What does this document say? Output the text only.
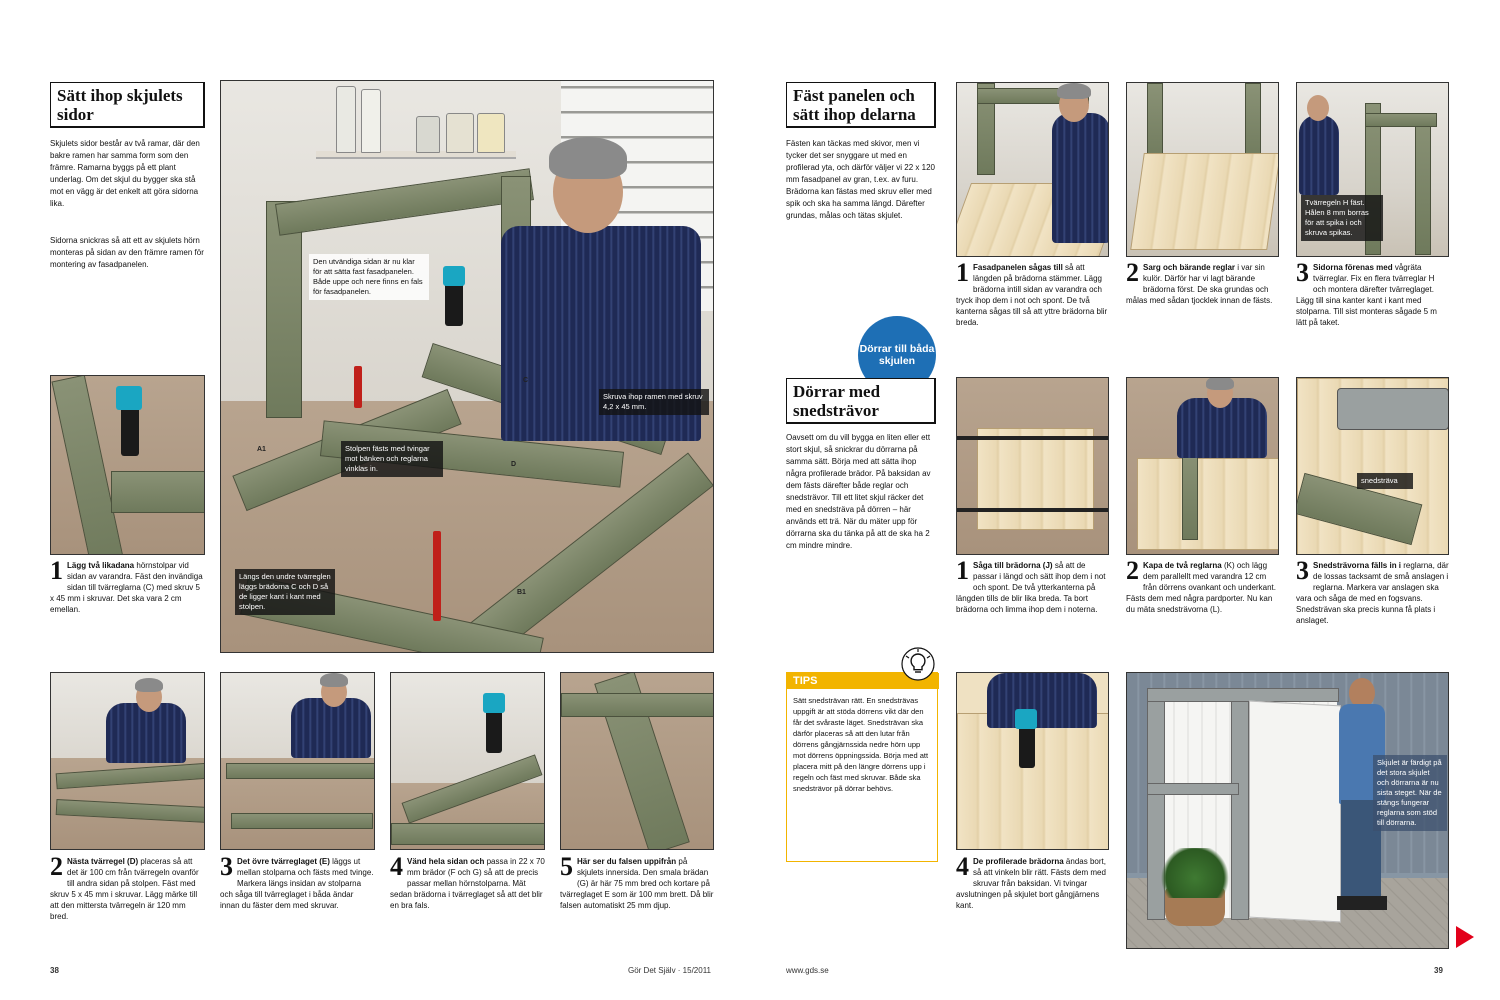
Sätt ihop skjulets sidor
Skjulets sidor består av två ramar, där den bakre ramen har samma form som den främre. Ramarna byggs på ett plant underlag. Om det skjul du bygger ska stå mot en vägg är det enkelt att göra sidorna lika.
Sidorna snickras så att ett av skjulets hörn monteras på sidan av den främre ramen för montering av fasadpanelen.
C
A1
D
B1
Den utvändiga sidan är nu klar för att sätta fast fasadpanelen. Både uppe och nere finns en fals för fasadpanelen.
Skruva ihop ramen med skruv 4,2 x 45 mm.
Stolpen fästs med tvingar mot bänken och reglarna vinklas in.
Längs den undre tvärreglen läggs brädorna C och D så de ligger kant i kant med stolpen.
1 Lägg två likadana hörnstolpar vid sidan av varandra. Fäst den invändiga sidan till tvärreglarna (C) med skruv 5 x 45 mm i skruvar. Det ska vara 2 cm emellan.
2 Nästa tvärregel (D) placeras så att det är 100 cm från tvärregeln ovanför till andra sidan på stolpen. Fäst med skruv 5 x 45 mm i skruvar. Lägg märke till att den mittersta tvärregeln är 120 mm bred.
3 Det övre tvärreglaget (E) läggs ut mellan stolparna och fästs med tvinge. Markera längs insidan av stolparna och såga till tvärreglaget i båda ändar innan du fäster dem med skruvar.
4 Vänd hela sidan och passa in 22 x 70 mm brädor (F och G) så att de precis passar mellan hörnstolparna. Mät sedan brädorna i tvärreglaget så att det blir en bra fals.
5 Här ser du falsen uppifrån på skjulets innersida. Den smala brädan (G) är här 75 mm bred och kortare på tvärreglaget E som är 100 mm brett. Då blir falsen automatiskt 25 mm djup.
38	Gör Det Själv · 15/2011
Fäst panelen och sätt ihop delarna
Fästen kan täckas med skivor, men vi tycker det ser snyggare ut med en profilerad yta, och därför väljer vi 22 x 120 mm fasadpanel av gran, t.ex. av furu. Brädorna kan fästas med skruv eller med spik och ska ha samma längd. Därefter grundas, målas och tätas skjulet.
Tvärregeln H fäst. Hålen 8 mm borras för att spika i och skruva spikas.
1 Fasadpanelen sågas till så att längden på brädorna stämmer. Lägg brädorna intill sidan av varandra och tryck ihop dem i not och spont. De två kanterna sågas till så att yttre brädorna blir breda.
2 Sarg och bärande reglar i var sin kulör. Därför har vi lagt bärande brädorna först. De ska grundas och målas med sådan tjocklek innan de fästs.
3 Sidorna förenas med vågräta tvärreglar. Fix en flera tvärreglar H och montera därefter tvärreglaget. Lägg till sina kanter kant i kant med stolparna. Till sist monteras sågade 5 m lätt på taket.
Dörrar till båda skjulen
Dörrar med snedsträvor
Oavsett om du vill bygga en liten eller ett stort skjul, så snickrar du dörrarna på samma sätt. Börja med att sätta ihop några profilerade brädor. På baksidan av dem fästs därefter både reglar och snedsträvor. Till ett litet skjul räcker det med en snedsträva på dörren – här används ett trä. När du mäter upp för dörrarna ska du tänka på att de ska ha 2 cm mindre mindre.
snedsträva
1 Såga till brädorna (J) så att de passar i längd och sätt ihop dem i not och spont. De två ytterkanterna på längden tills de blir lika breda. Ta bort brädorna och limma ihop dem i noterna.
2 Kapa de två reglarna (K) och lägg dem parallellt med varandra 12 cm från dörrens ovankant och underkant. Fästs dem med några pardporter. Nu kan du mäta snedsträvorna (L).
3 Snedsträvorna fälls in i reglarna, där de lossas tacksamt de små anslagen i reglarna. Markera var anslagen ska vara och såga de med en fogsvans. Snedsträvan ska precis kunna få plats i anslaget.
TIPS
Sätt snedsträvan rätt. En snedsträvas uppgift är att stöda dörrens vikt där den får det svåraste läget. Snedsträvan ska därför placeras så att den lutar från dörrens gångjärnssida nedre hörn upp mot dörrens öppningssida. Börja med att placera mitt på den längre dörrens upp i regeln och fäst med skruvar. Både ska snedsträvor på dörrar behövs.
4 De profilerade brädorna ändas bort, så att vinkeln blir rätt. Fästs dem med skruvar från baksidan. Vi tvingar avslutningen på skjulet bort gångjärnens kant.
Skjulet är färdigt på det stora skjulet och dörrarna är nu sista steget. När de stängs fungerar reglarna som stöd till dörrarna.
www.gds.se	39
